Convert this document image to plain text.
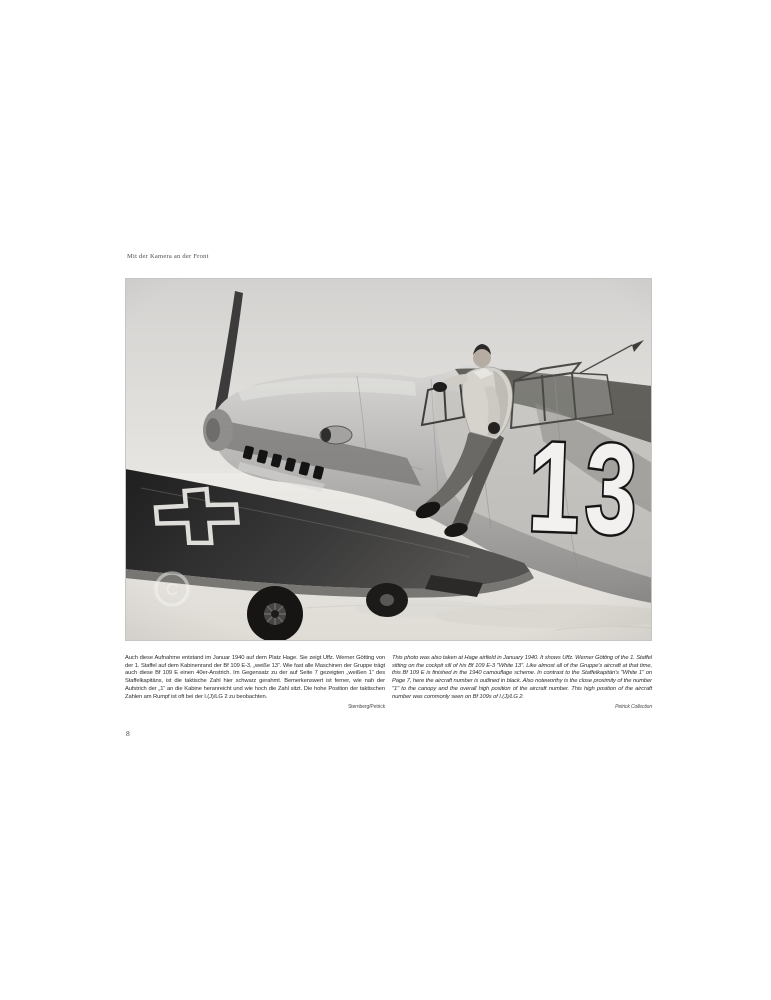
Mit der Kamera an der Front

Auch diese Aufnahme entstand im Januar 1940 auf dem Platz Hage. Sie zeigt Uffz. Werner Götting von der 1. Staffel auf dem Kabinenrand der Bf 109 E-3, „weiße 13“. Wie fast alle Maschinen der Gruppe trägt auch diese Bf 109 E einen 40er-Anstrich. Im Gegensatz zu der auf Seite 7 gezeigten „weißen 1“ des Staffelkapitäns, ist die taktische Zahl hier schwarz gerahmt. Bemerkenswert ist ferner, wie nah der Aufstrich der „1“ an die Kabine heranreicht und wie hoch die Zahl sitzt. Die hohe Position der taktischen Zahlen am Rumpf ist oft bei der I.(J)/LG 2 zu beobachten.

Sternberg/Petrick

This photo was also taken at Hage airfield in January 1940. It shows Uffz. Werner Götting of the 1. Staffel sitting on the cockpit sill of his Bf 109 E-3 "White 13". Like almost all of the Gruppe's aircraft at that time, this Bf 109 E is finished in the 1940 camouflage scheme. In contrast to the Staffelkapitän's "White 1" on Page 7, here the aircraft number is outlined in black. Also noteworthy is the close proximity of the number "1" to the canopy and the overall high position of the aircraft number. This high position of the aircraft number was commonly seen on Bf 109s of I.(J)/LG 2.

Petrick Collection
8
